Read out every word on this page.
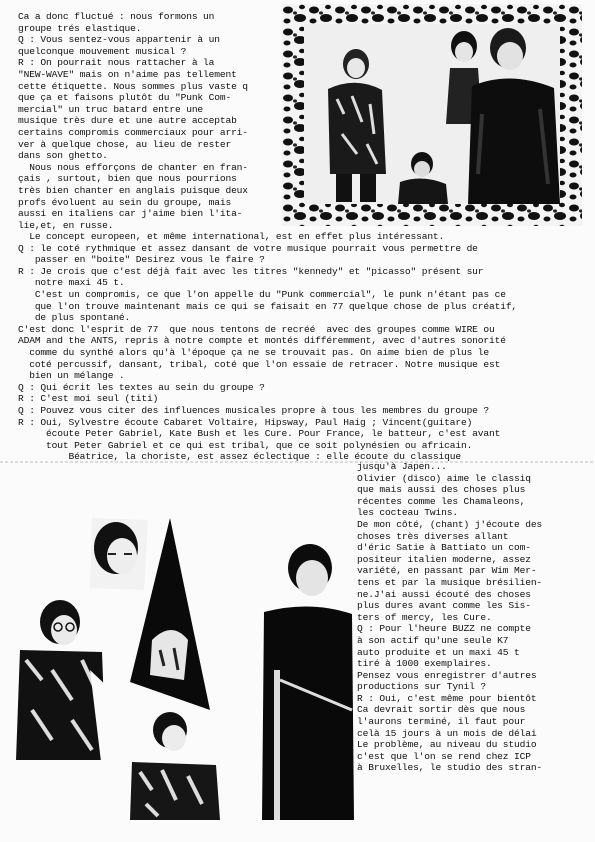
Ca a donc fluctué : nous formons un
groupe trés elastique.
Q : Vous sentez-vous appartenir à un
quelconque mouvement musical ?
R : On pourrait nous rattacher à la
"NEW-WAVE" mais on n'aime pas tellement
cette étiquette. Nous sommes plus vaste q
que ça et faisons plutôt du "Punk Com-
mercial" un truc batard entre une
musique très dure et une autre acceptab
certains compromis commerciaux pour arri-
ver à quelque chose, au lieu de rester
dans son ghetto.
Nous nous efforçons de chanter en fran-
çais , surtout, bien que nous pourrions
très bien chanter en anglais puisque deux
profs évoluent au sein du groupe, mais
aussi en italiens car j'aime bien l'ita-
lie,et, en russe.
Le concept europeen, et même international, est en effet plus intéressant.
Q : le coté rythmique et assez dansant de votre musique pourrait vous permettre de
passer en "boite" Desirez vous le faire ?
R : Je crois que c'est déjà fait avec les titres "kennedy" et "picasso" présent sur
notre maxi 45 t.
C'est un compromis, ce que l'on appelle du "Punk commercial", le punk n'étant pas ce
que l'on trouve maintenant mais ce qui se faisait en 77 quelque chose de plus créatif,
de plus spontané.
C'est donc l'esprit de 77  que nous tentons de recréé  avec des groupes comme WIRE ou
ADAM and the ANTS, repris à notre compte et montés différemment, avec d'autres sonorité
comme du synthé alors qu'à l'époque ça ne se trouvait pas. On aime bien de plus le
coté percussif, dansant, tribal, coté que l'on essaie de retracer. Notre musique est
bien un mélange .
Q : Qui écrit les textes au sein du groupe ?
R : C'est moi seul (titi)
Q : Pouvez vous citer des influences musicales propre à tous les membres du groupe ?
R : Oui, Sylvestre écoute Cabaret Voltaire, Hipsway, Paul Haig ; Vincent(guitare)
écoute Peter Gabriel, Kate Bush et les Cure. Pour France, le batteur, c'est avant
tout Peter Gabriel et ce qui est tribal, que ce soit polynésien ou africain.
Béatrice, la choriste, est assez éclectique : elle écoute du classique
jusqu'à Japen...
Olivier (disco) aime le classiq
que mais aussi des choses plus
récentes comme les Chamaleons,
les cocteau Twins.
De mon côté, (chant) j'écoute des
choses très diverses allant
d'éric Satie à Battiato un com-
positeur italien moderne, assez
variété, en passant par Wim Mer-
tens et par la musique brésilien-
ne.J'ai aussi écouté des choses
plus dures avant comme les Sis-
ters of mercy, les Cure.
Q : Pour l'heure BUZZ ne compte
à son actif qu'une seule K7
auto produite et un maxi 45 t
tiré à 1000 exemplaires.
Pensez vous enregistrer d'autres
productions sur Tynil ?
R : Oui, c'est même pour bientôt
Ca devrait sortir dès que nous
l'aurons terminé, il faut pour
celà 15 jours à un mois de délai
Le problème, au niveau du studio
c'est que l'on se rend chez ICP
à Bruxelles, le studio des stran-
